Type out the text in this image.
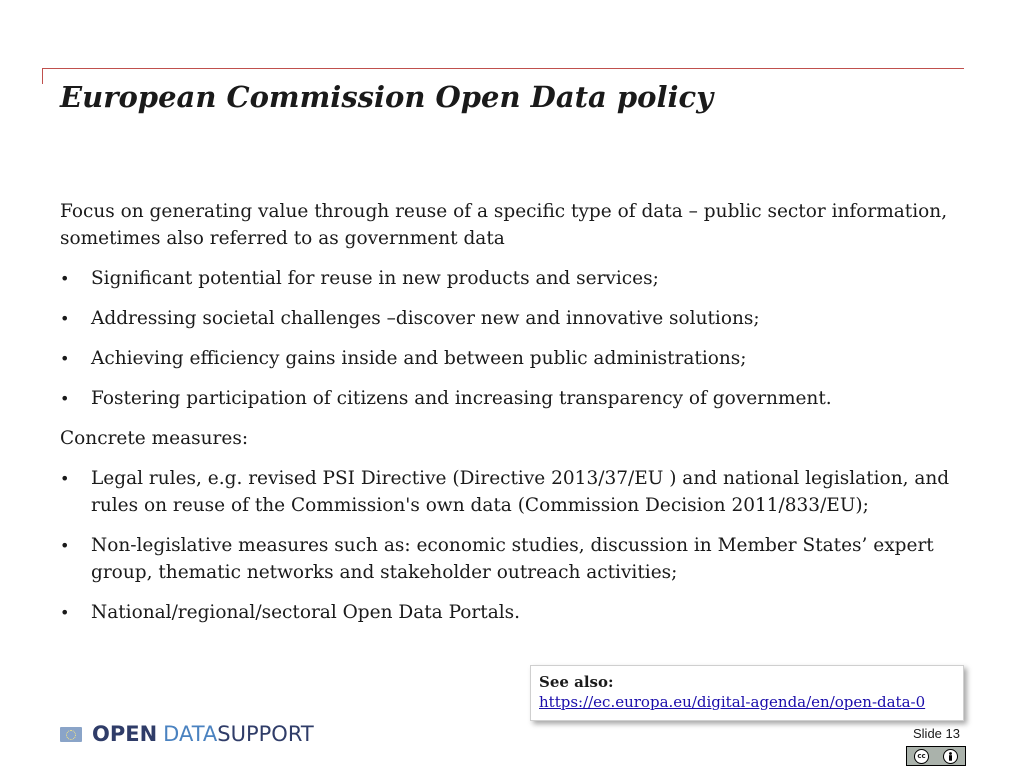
European Commission Open Data policy

Focus on generating value through reuse of a specific type of data – public sector information, sometimes also referred to as government data

• Significant potential for reuse in new products and services;
• Addressing societal challenges –discover new and innovative solutions;
• Achieving efficiency gains inside and between public administrations;
• Fostering participation of citizens and increasing transparency of government.

Concrete measures:

• Legal rules, e.g. revised PSI Directive (Directive 2013/37/EU ) and national legislation, and rules on reuse of the Commission's own data (Commission Decision 2011/833/EU);
• Non-legislative measures such as: economic studies, discussion in Member States’ expert group, thematic networks and stakeholder outreach activities;
• National/regional/sectoral Open Data Portals.
See also:
https://ec.europa.eu/digital-agenda/en/open-data-0
OPEN DATA SUPPORT	Slide 13
cc
